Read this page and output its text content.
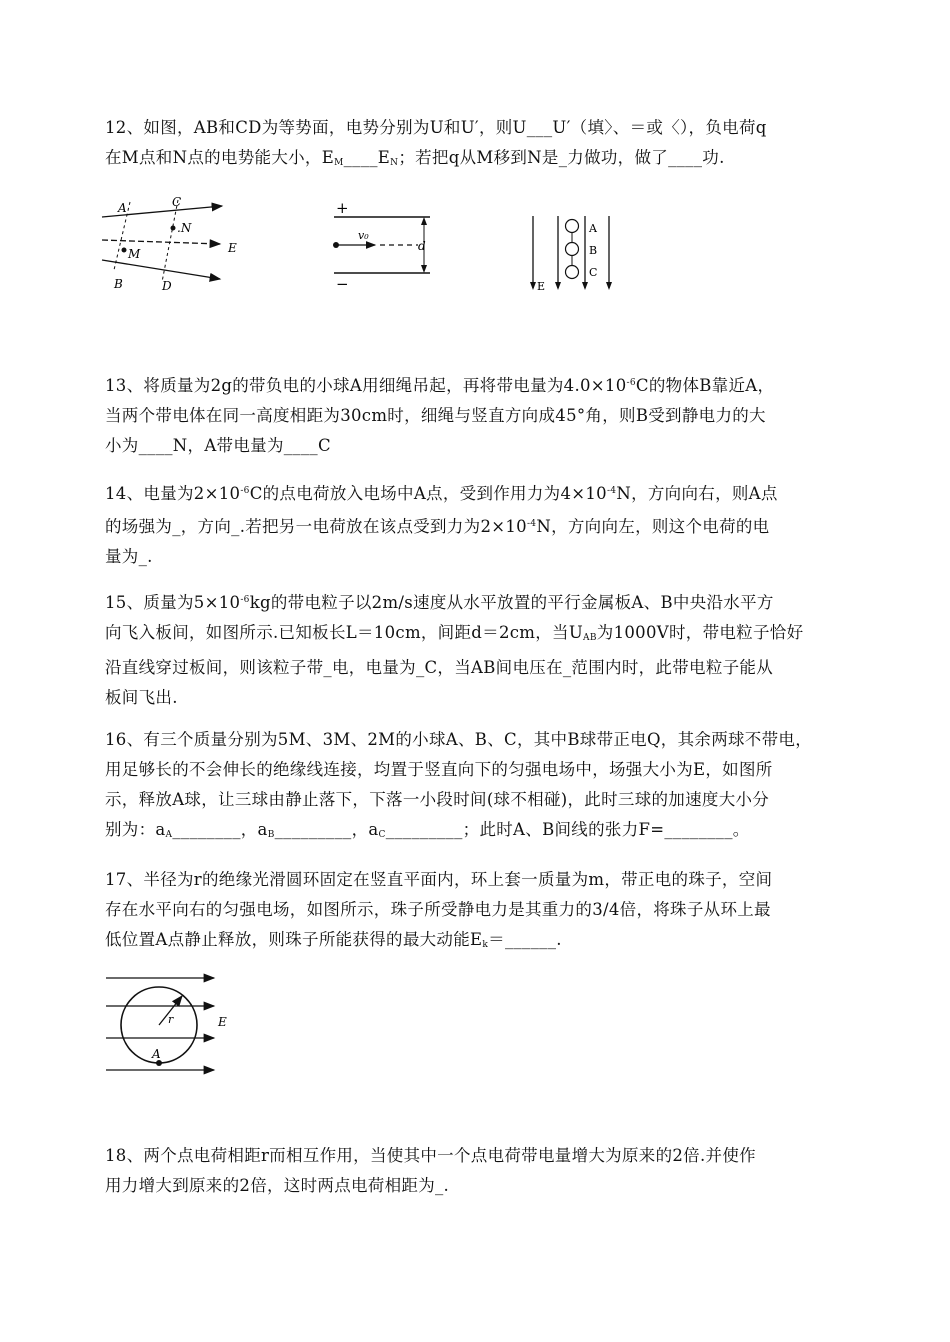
12、如图，AB和CD为等势面，电势分别为U和U′，则U___U′（填〉、＝或〈），负电荷q

在M点和N点的电势能大小，$E_M\_\_\_\_E_N$；若把q从M移到N是_力做功，做了____功.

A	C
.N
M	E
B	D
+
−
v₀
d
A
B
C
E

13、将质量为2g的带负电的小球A用细绳吊起，再将带电量为$4.0\times 10^{-6}C$的物体B靠近A，

当两个带电体在同一高度相距为30cm时，细绳与竖直方向成45°角，则B受到静电力的大

小为____N，A带电量为____C

14、电量为$2\times 10^{-6}C$的点电荷放入电场中A点，受到作用力为$4\times 10^{-4}N$，方向向右，则A点

的场强为_，方向_.若把另一电荷放在该点受到力为$2\times 10^{-4}N$，方向向左，则这个电荷的电

量为_.

15、质量为$5\times 10^{-6}kg$的带电粒子以2m/s速度从水平放置的平行金属板A、B中央沿水平方

向飞入板间，如图所示.已知板长L＝10cm，间距d＝2cm，当$U_{AB}$为1000V时，带电粒子恰好

沿直线穿过板间，则该粒子带_电，电量为_C，当AB间电压在_范围内时，此带电粒子能从

板间飞出.

16、有三个质量分别为5M、3M、2M的小球A、B、C，其中B球带正电Q，其余两球不带电，

用足够长的不会伸长的绝缘线连接，均置于竖直向下的匀强电场中，场强大小为E，如图所

示，释放A球，让三球由静止落下，下落一小段时间(球不相碰)，此时三球的加速度大小分

别为：$a_A\_\_\_\_\_\_\_\_$，$a_B\_\_\_\_\_\_\_\_\_$，$a_C\_\_\_\_\_\_\_\_\_$；此时A、B间线的张力F=________。

17、半径为r的绝缘光滑圆环固定在竖直平面内，环上套一质量为m，带正电的珠子，空间

存在水平向右的匀强电场，如图所示，珠子所受静电力是其重力的3/4倍，将珠子从环上最

低位置A点静止释放，则珠子所能获得的最大动能$E_k=\_\_\_\_\_\_$.

r	E
A

18、两个点电荷相距r而相互作用，当使其中一个点电荷带电量增大为原来的2倍.并使作

用力增大到原来的2倍，这时两点电荷相距为_.
